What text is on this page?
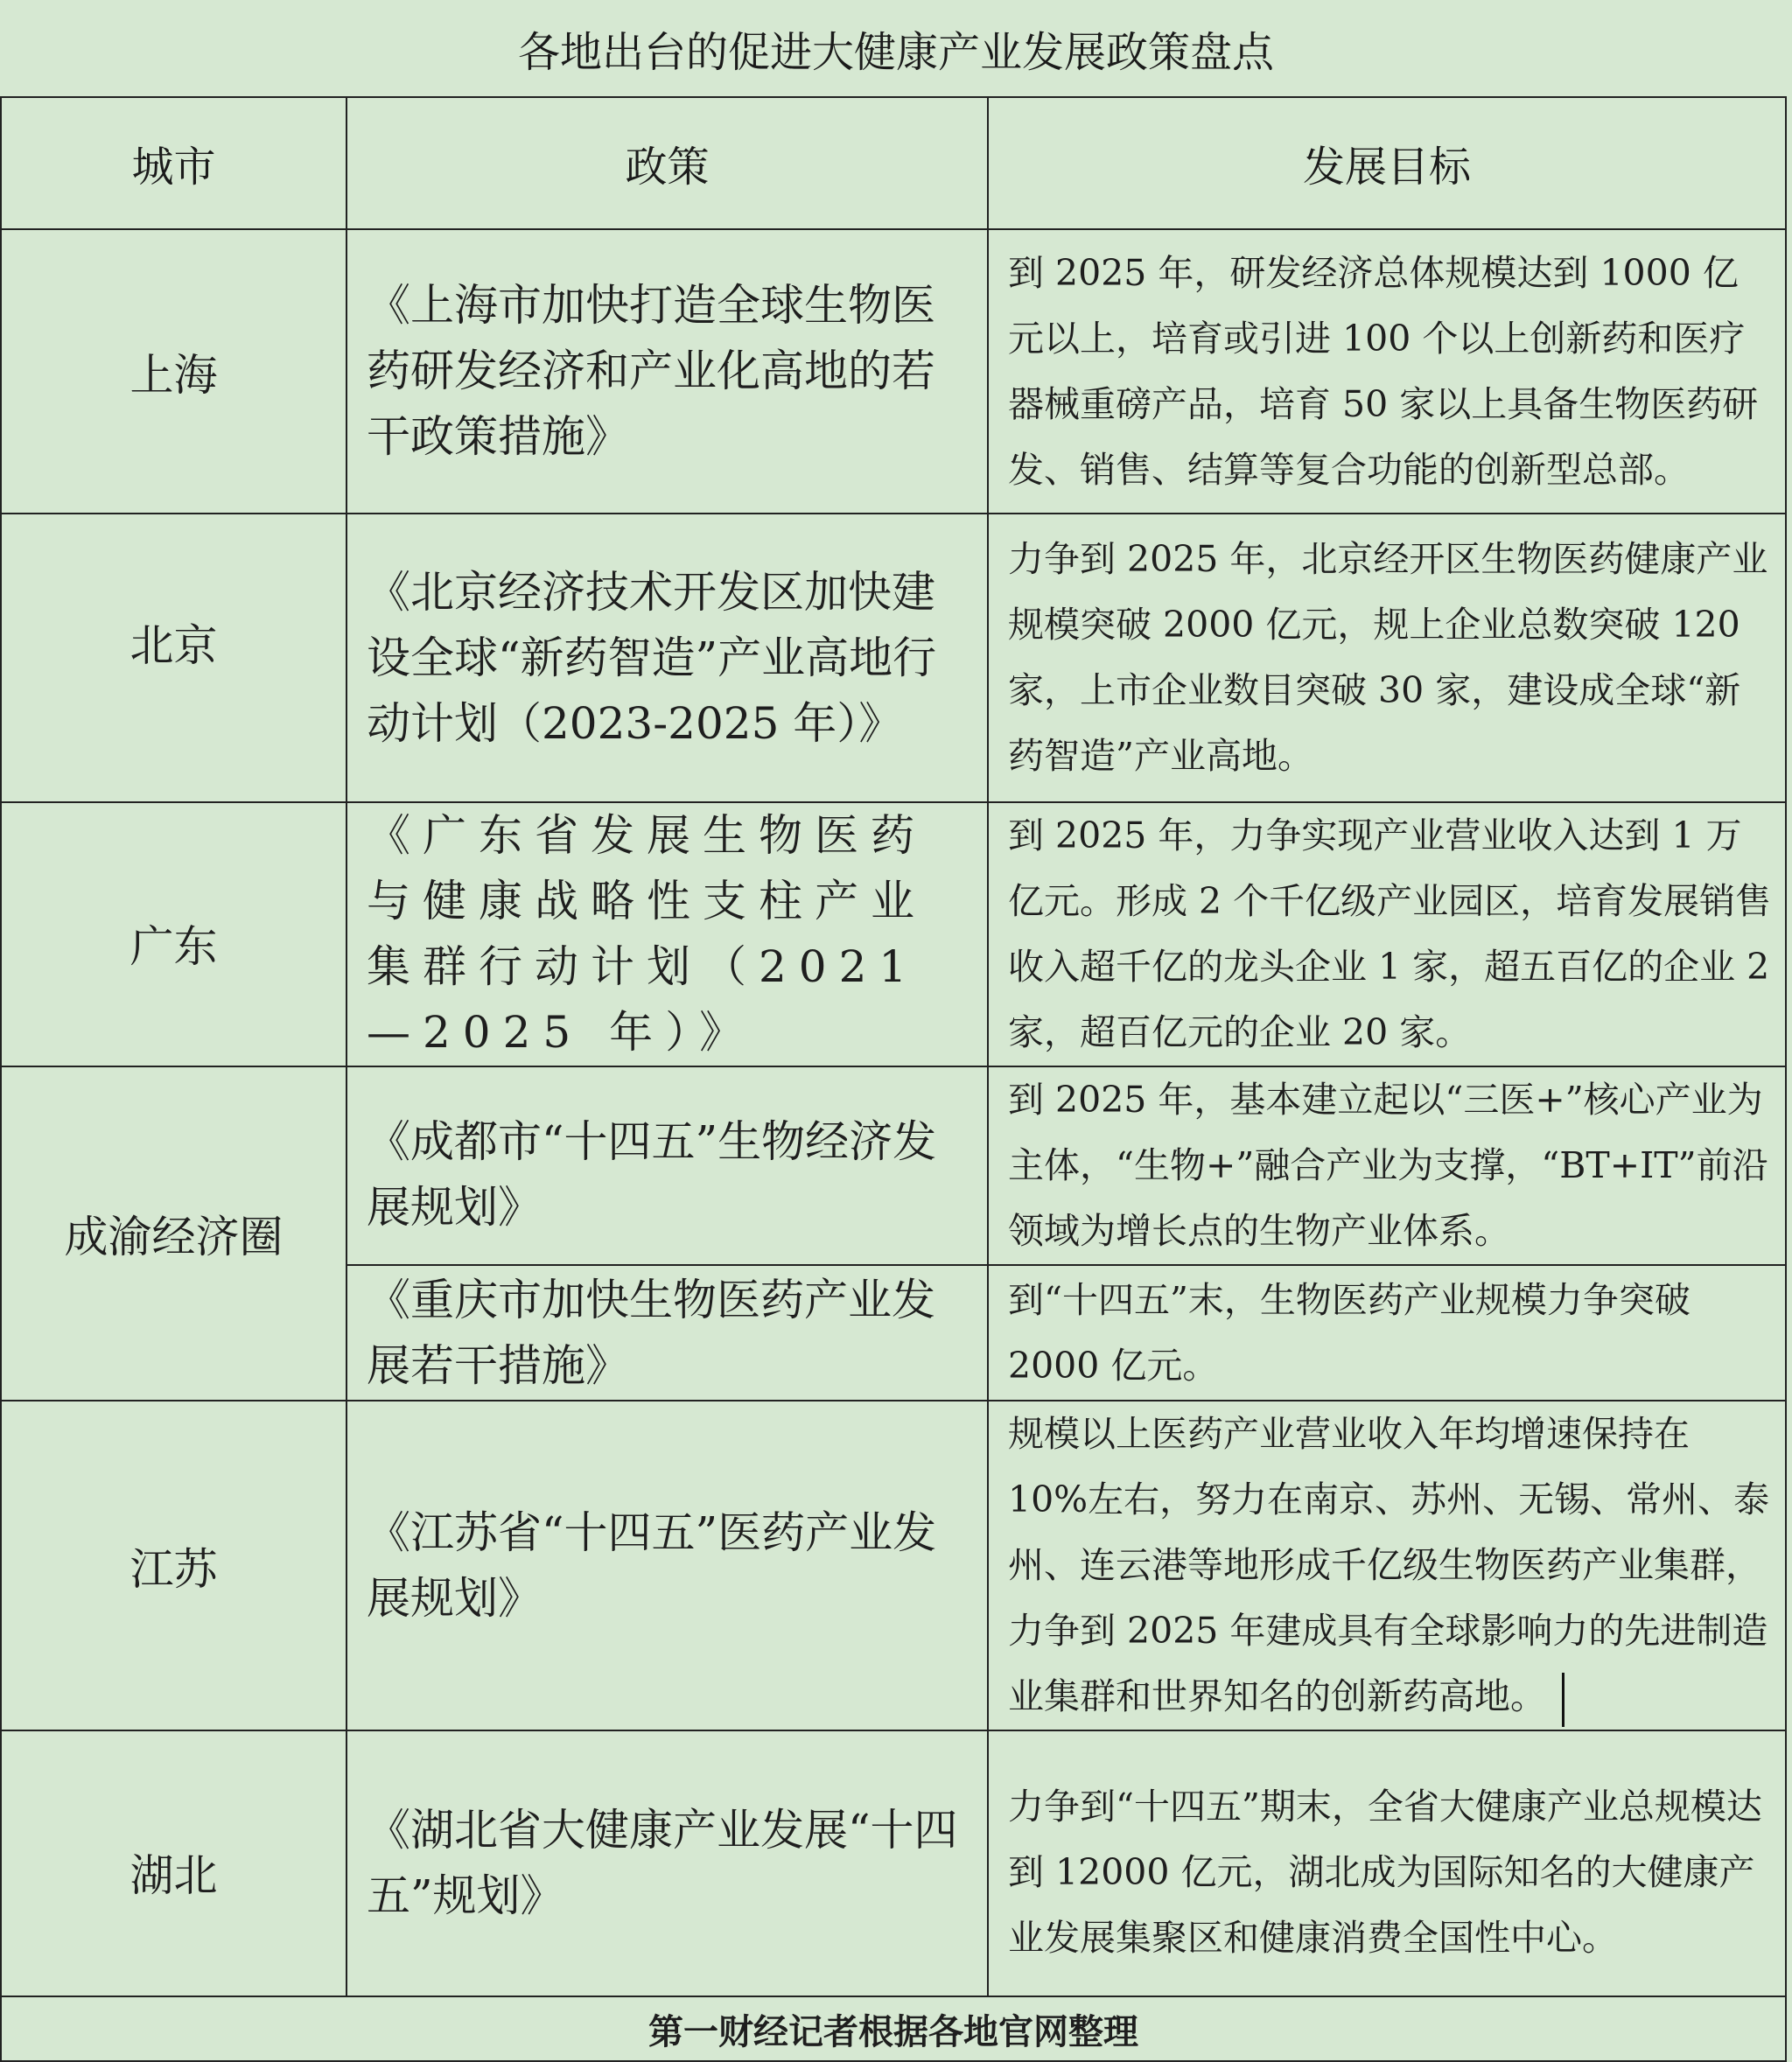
各地出台的促进大健康产业发展政策盘点
城市	政策	发展目标
上海	《上海市加快打造全球生物医药研发经济和产业化高地的若干政策措施》	到 2025 年，研发经济总体规模达到 1000 亿元以上，培育或引进 100 个以上创新药和医疗器械重磅产品，培育 50 家以上具备生物医药研发、销售、结算等复合功能的创新型总部。
北京	《北京经济技术开发区加快建设全球“新药智造”产业高地行动计划（2023-2025 年）》	力争到 2025 年，北京经开区生物医药健康产业规模突破 2000 亿元，规上企业总数突破 120 家，上市企业数目突破 30 家，建设成全球“新药智造”产业高地。
广东	《广东省发展生物医药与健康战略性支柱产业集群行动计划（2021—2025 年）》	到 2025 年，力争实现产业营业收入达到 1 万亿元。形成 2 个千亿级产业园区，培育发展销售收入超千亿的龙头企业 1 家，超五百亿的企业 2 家，超百亿元的企业 20 家。
成渝经济圈	《成都市“十四五”生物经济发展规划》	到 2025 年，基本建立起以“三医+”核心产业为主体，“生物+”融合产业为支撑，“BT+IT”前沿领域为增长点的生物产业体系。
	《重庆市加快生物医药产业发展若干措施》	到“十四五”末，生物医药产业规模力争突破 2000 亿元。
江苏	《江苏省“十四五”医药产业发展规划》	规模以上医药产业营业收入年均增速保持在 10%左右，努力在南京、苏州、无锡、常州、泰州、连云港等地形成千亿级生物医药产业集群，力争到 2025 年建成具有全球影响力的先进制造业集群和世界知名的创新药高地。
湖北	《湖北省大健康产业发展“十四五”规划》	力争到“十四五”期末，全省大健康产业总规模达到 12000 亿元，湖北成为国际知名的大健康产业发展集聚区和健康消费全国性中心。
第一财经记者根据各地官网整理		
